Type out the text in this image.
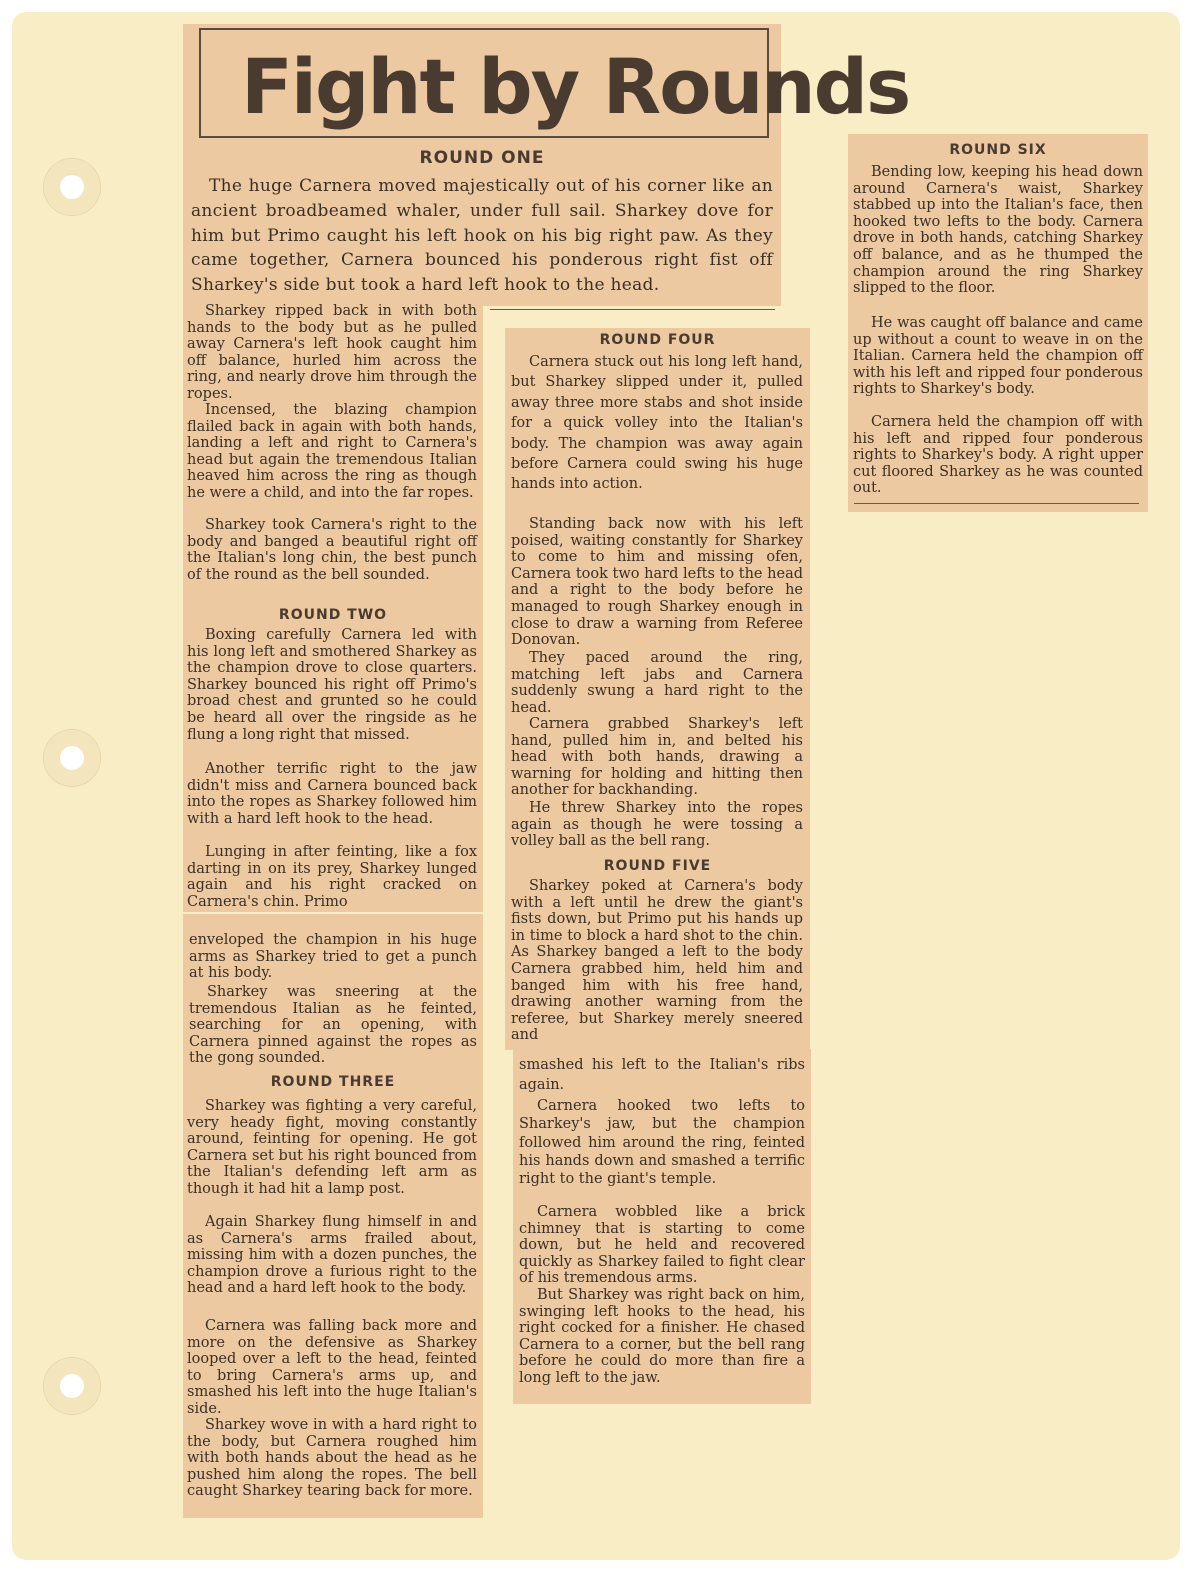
Fight by Rounds
ROUND ONE

The huge Carnera moved majestically out of his corner like an ancient broadbeamed whaler, under full sail. Sharkey dove for him but Primo caught his left hook on his big right paw. As they came together, Carnera bounced his ponderous right fist off Sharkey's side but took a hard left hook to the head.

Sharkey ripped back in with both hands to the body but as he pulled away Carnera's left hook caught him off balance, hurled him across the ring, and nearly drove him through the ropes.

Incensed, the blazing champion flailed back in again with both hands, landing a left and right to Carnera's head but again the tremendous Italian heaved him across the ring as though he were a child, and into the far ropes.

Sharkey took Carnera's right to the body and banged a beautiful right off the Italian's long chin, the best punch of the round as the bell sounded.

ROUND TWO

Boxing carefully Carnera led with his long left and smothered Sharkey as the champion drove to close quarters. Sharkey bounced his right off Primo's broad chest and grunted so he could be heard all over the ringside as he flung a long right that missed.

Another terrific right to the jaw didn't miss and Carnera bounced back into the ropes as Sharkey followed him with a hard left hook to the head.

Lunging in after feinting, like a fox darting in on its prey, Sharkey lunged again and his right cracked on Carnera's chin. Primo

enveloped the champion in his huge arms as Sharkey tried to get a punch at his body.

Sharkey was sneering at the tremendous Italian as he feinted, searching for an opening, with Carnera pinned against the ropes as the gong sounded.

ROUND THREE

Sharkey was fighting a very careful, very heady fight, moving constantly around, feinting for opening. He got Carnera set but his right bounced from the Italian's defending left arm as though it had hit a lamp post.

Again Sharkey flung himself in and as Carnera's arms frailed about, missing him with a dozen punches, the champion drove a furious right to the head and a hard left hook to the body.

Carnera was falling back more and more on the defensive as Sharkey looped over a left to the head, feinted to bring Carnera's arms up, and smashed his left into the huge Italian's side.

Sharkey wove in with a hard right to the body, but Carnera roughed him with both hands about the head as he pushed him along the ropes. The bell caught Sharkey tearing back for more.

ROUND FOUR

Carnera stuck out his long left hand, but Sharkey slipped under it, pulled away three more stabs and shot inside for a quick volley into the Italian's body. The champion was away again before Carnera could swing his huge hands into action.

Standing back now with his left poised, waiting constantly for Sharkey to come to him and missing ofen, Carnera took two hard lefts to the head and a right to the body before he managed to rough Sharkey enough in close to draw a warning from Referee Donovan.

They paced around the ring, matching left jabs and Carnera suddenly swung a hard right to the head.

Carnera grabbed Sharkey's left hand, pulled him in, and belted his head with both hands, drawing a warning for holding and hitting then another for backhanding.

He threw Sharkey into the ropes again as though he were tossing a volley ball as the bell rang.

ROUND FIVE

Sharkey poked at Carnera's body with a left until he drew the giant's fists down, but Primo put his hands up in time to block a hard shot to the chin. As Sharkey banged a left to the body Carnera grabbed him, held him and banged him with his free hand, drawing another warning from the referee, but Sharkey merely sneered and

smashed his left to the Italian's ribs again.

Carnera hooked two lefts to Sharkey's jaw, but the champion followed him around the ring, feinted his hands down and smashed a terrific right to the giant's temple.

Carnera wobbled like a brick chimney that is starting to come down, but he held and recovered quickly as Sharkey failed to fight clear of his tremendous arms.

But Sharkey was right back on him, swinging left hooks to the head, his right cocked for a finisher. He chased Carnera to a corner, but the bell rang before he could do more than fire a long left to the jaw.

ROUND SIX

Bending low, keeping his head down around Carnera's waist, Sharkey stabbed up into the Italian's face, then hooked two lefts to the body. Carnera drove in both hands, catching Sharkey off balance, and as he thumped the champion around the ring Sharkey slipped to the floor.

He was caught off balance and came up without a count to weave in on the Italian. Carnera held the champion off with his left and ripped four ponderous rights to Sharkey's body.

Carnera held the champion off with his left and ripped four ponderous rights to Sharkey's body. A right upper cut floored Sharkey as he was counted out.
